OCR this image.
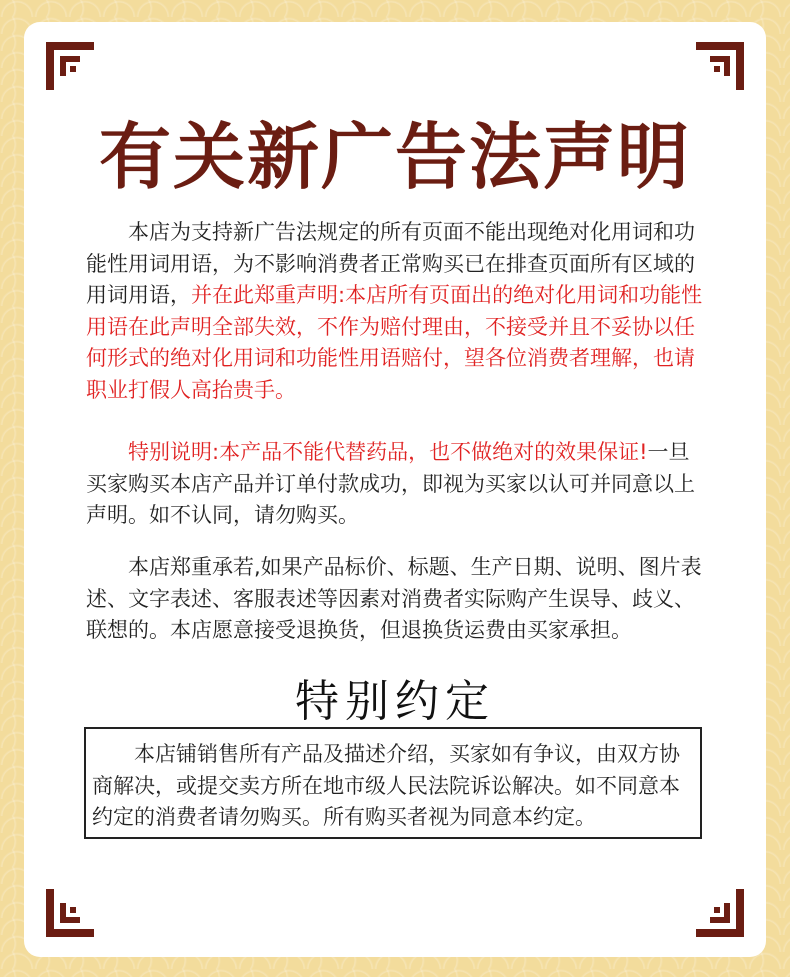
有关新广告法声明

本店为支持新广告法规定的所有页面不能出现绝对化用词和功能性用词用语，为不影响消费者正常购买已在排查页面所有区域的用词用语，并在此郑重声明:本店所有页面出的绝对化用词和功能性用语在此声明全部失效，不作为赔付理由，不接受并且不妥协以任何形式的绝对化用词和功能性用语赔付，望各位消费者理解，也请职业打假人高抬贵手。

特别说明:本产品不能代替药品，也不做绝对的效果保证!一旦买家购买本店产品并订单付款成功，即视为买家以认可并同意以上声明。如不认同，请勿购买。

本店郑重承若,如果产品标价、标题、生产日期、说明、图片表述、文字表述、客服表述等因素对消费者实际购产生误导、歧义、联想的。本店愿意接受退换货，但退换货运费由买家承担。

特别约定

本店铺销售所有产品及描述介绍，买家如有争议，由双方协商解决，或提交卖方所在地市级人民法院诉讼解决。如不同意本约定的消费者请勿购买。所有购买者视为同意本约定。
